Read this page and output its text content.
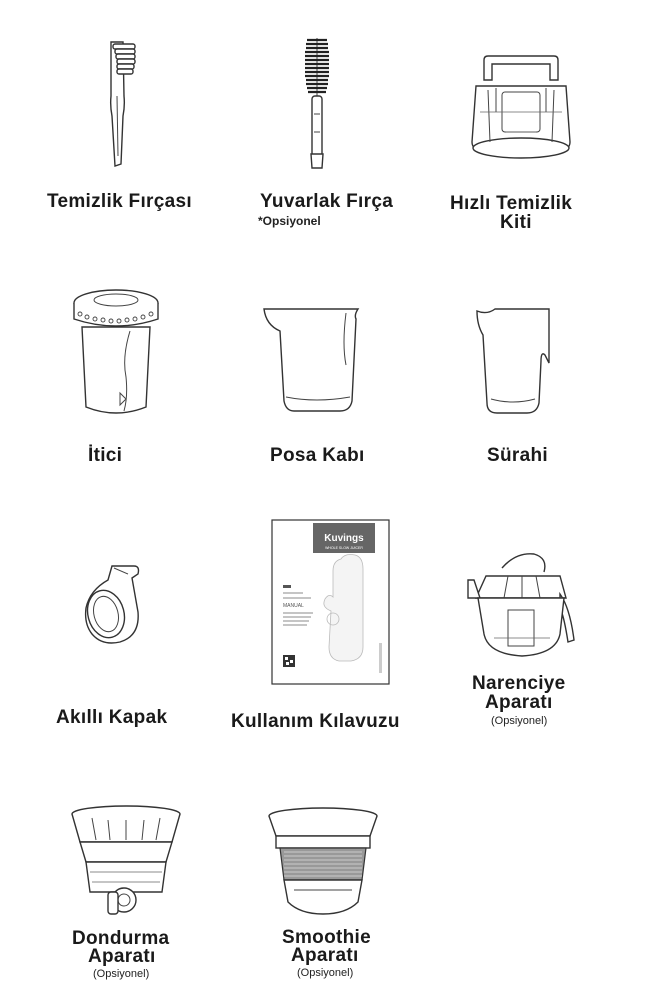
Temizlik Fırçası	Yuvarlak Fırça
*Opsiyonel
Hızlı Temizlik
Kiti
İtici	Posa Kabı	Sürahi
Akıllı Kapak
Kuvings
WHOLE SLOW JUICER
MANUAL
Kullanım Kılavuzu
Narenciye
Aparatı
(Opsiyonel)
Dondurma
Aparatı
(Opsiyonel)
Smoothie
Aparatı
(Opsiyonel)
